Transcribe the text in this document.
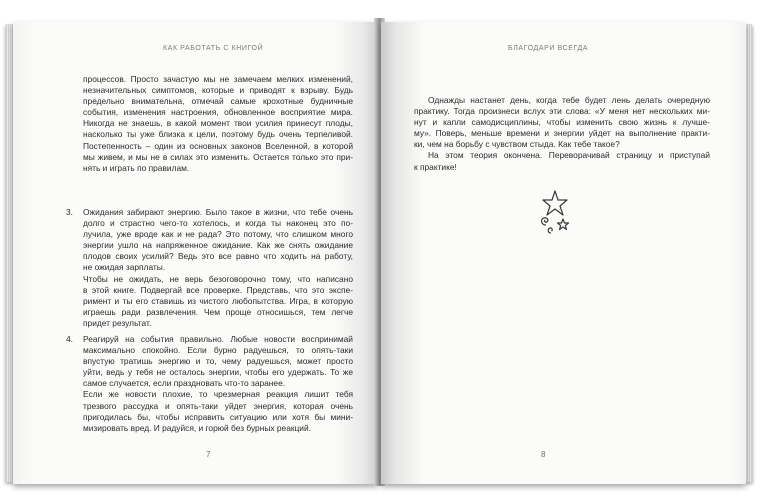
КАК РАБОТАТЬ С КНИГОЙ
процессов. Просто зачастую мы не замечаем мелких изменений,
незначительных симптомов, которые и приводят к взрыву. Будь
предельно внимательна, отмечай самые крохотные будничные
события, изменения настроения, обновленное восприятие мира.
Никогда не знаешь, в какой момент твои усилия принесут плоды,
насколько ты уже близка к цели, поэтому будь очень терпеливой.
Постепенность – один из основных законов Вселенной, в которой
мы живем, и мы не в силах это изменить. Остается только это при-
нять и играть по правилам.
3. Ожидания забирают энергию. Было такое в жизни, что тебе очень
долго и страстно чего-то хотелось, и когда ты наконец это по-
лучила, уже вроде как и не рада? Это потому, что слишком много
энергии ушло на напряженное ожидание. Как же снять ожидание
плодов своих усилий? Ведь это все равно что ходить на работу,
не ожидая зарплаты.
Чтобы не ожидать, не верь безоговорочно тому, что написано
в этой книге. Подвергай все проверке. Представь, что это экспе-
римент и ты его ставишь из чистого любопытства. Игра, в которую
играешь ради развлечения. Чем проще относишься, тем легче
придет результат.
4. Реагируй на события правильно. Любые новости воспринимай
максимально спокойно. Если бурно радуешься, то опять-таки
впустую тратишь энергию и то, чему радуешься, может просто
уйти, ведь у тебя не осталось энергии, чтобы его удержать. То же
самое случается, если праздновать что-то заранее.
Если же новости плохие, то чрезмерная реакция лишит тебя
трезвого рассудка и опять-таки уйдет энергия, которая очень
пригодилась бы, чтобы исправить ситуацию или хотя бы мини-
мизировать вред. И радуйся, и горюй без бурных реакций.
7
БЛАГОДАРИ ВСЕГДА
Однажды настанет день, когда тебе будет лень делать очередную
практику. Тогда произнеси вслух эти слова: «У меня нет нескольких ми-
нут и капли самодисциплины, чтобы изменить свою жизнь к лучше-
му». Поверь, меньше времени и энергии уйдет на выполнение практи-
ки, чем на борьбу с чувством стыда. Как тебе такое?
На этом теория окончена. Переворачивай страницу и приступай
к практике!
8
